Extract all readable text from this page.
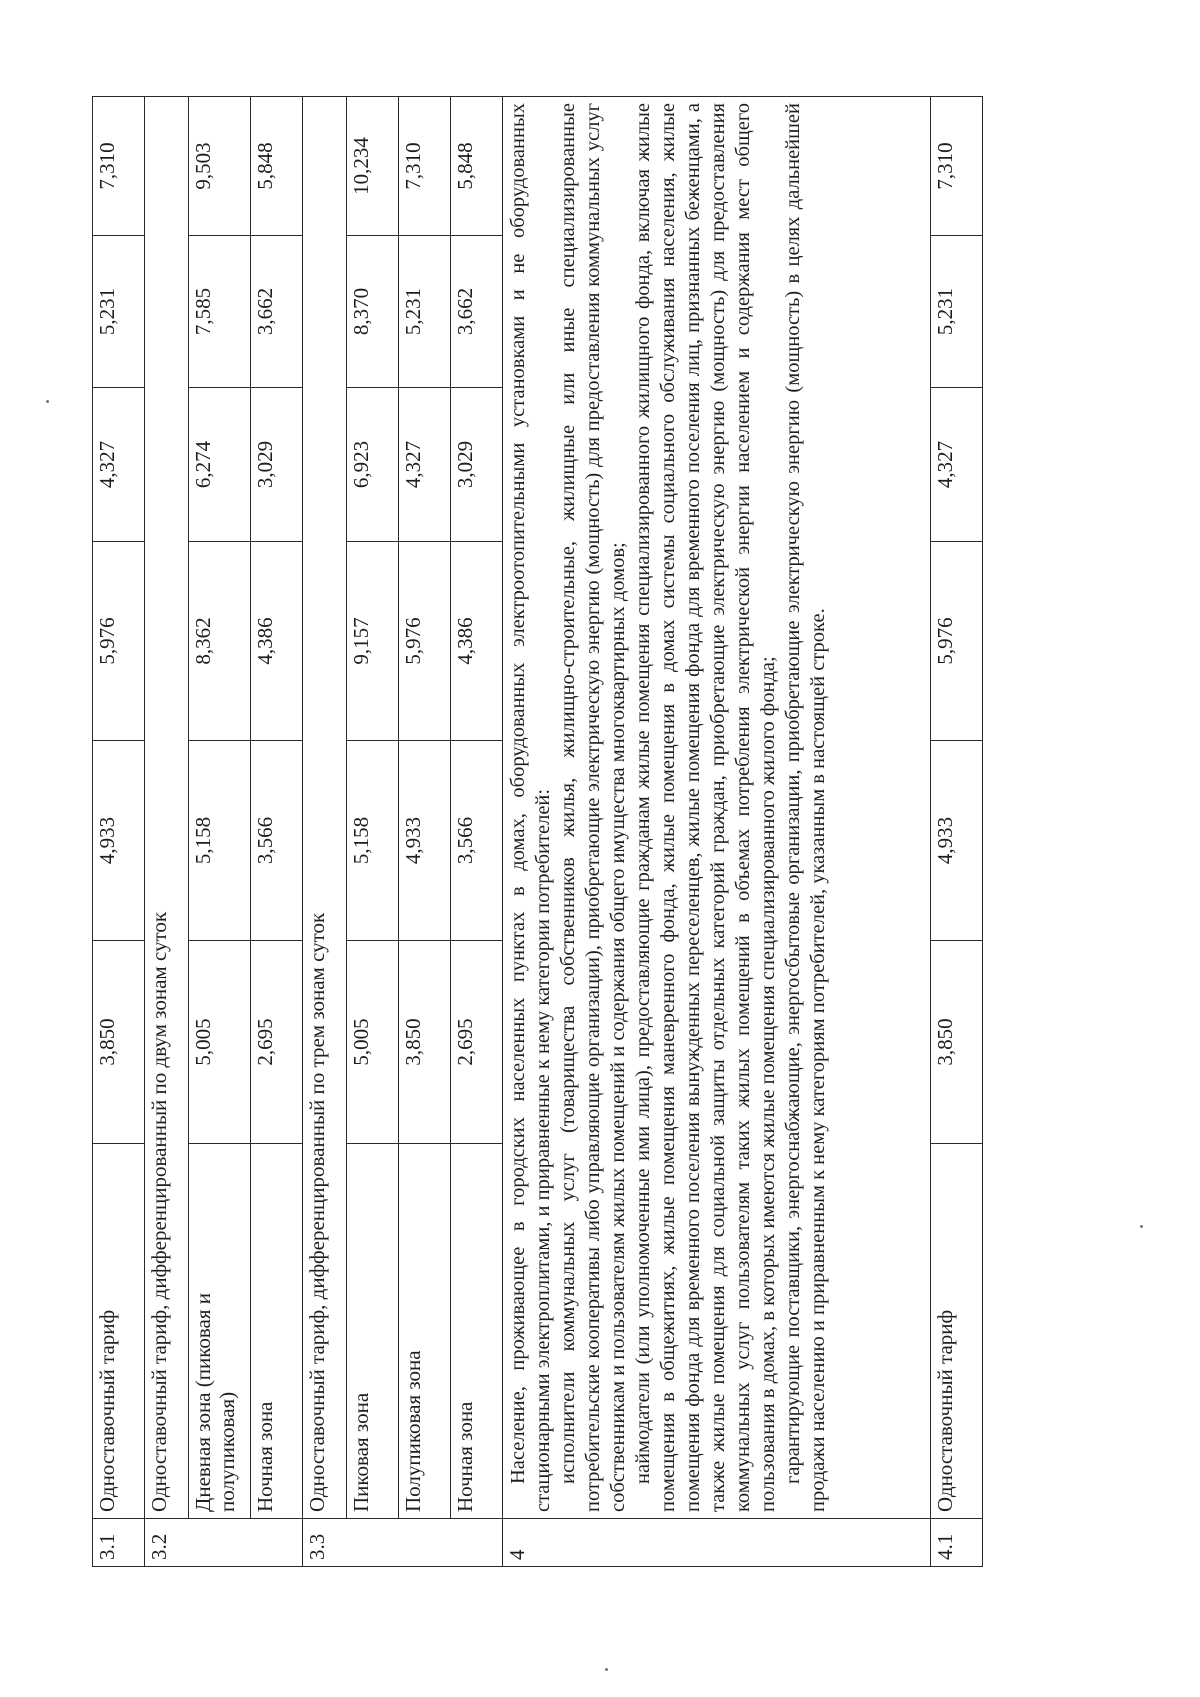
3.1	Одноставочный тариф	3,850	4,933	5,976	4,327	5,231	7,310
3.2	Одноставочный тариф, дифференцированный по двум зонам суток						

	Дневная зона (пиковая и полупиковая)	5,005	5,158	8,362	6,274	7,585	9,503
	Ночная зона	2,695	3,566	4,386	3,029	3,662	5,848
3.3	Одноставочный тариф, дифференцированный по трем зонам суток						
	Пиковая зона	5,005	5,158	9,157	6,923	8,370	10,234
	Полупиковая зона	3,850	4,933	5,976	4,327	5,231	7,310
	Ночная зона	2,695	3,566	4,386	3,029	3,662	5,848
4	Население, проживающее в городских населенных пунктах в домах, оборудованных электроотопительными установками и не оборудованных стационарными электроплитами, и приравненные к нему категории потребителей: исполнители коммунальных услуг (товарищества собственников жилья, жилищно-строительные, жилищные или иные специализированные потребительские кооперативы либо управляющие организации), приобретающие электрическую энергию (мощность) для предоставления коммунальных услуг собственникам и пользователям жилых помещений и содержания общего имущества многоквартирных домов; наймодатели (или уполномоченные ими лица), предоставляющие гражданам жилые помещения специализированного жилищного фонда, включая жилые помещения в общежитиях, жилые помещения маневренного фонда, жилые помещения в домах системы социального обслуживания населения, жилые помещения фонда для временного поселения вынужденных переселенцев, жилые помещения фонда для временного поселения лиц, признанных беженцами, а также жилые помещения для социальной защиты отдельных категорий граждан, приобретающие электрическую энергию (мощность) для предоставления коммунальных услуг пользователям таких жилых помещений в объемах потребления электрической энергии населением и содержания мест общего пользования в домах, в которых имеются жилые помещения специализированного жилого фонда; гарантирующие поставщики, энергоснабжающие, энергосбытовые организации, приобретающие электрическую энергию (мощность) в целях дальнейшей продажи населению и приравненным к нему категориям потребителей, указанным в настоящей строке.						

4.1	Одноставочный тариф	3,850	4,933	5,976	4,327	5,231	7,310
